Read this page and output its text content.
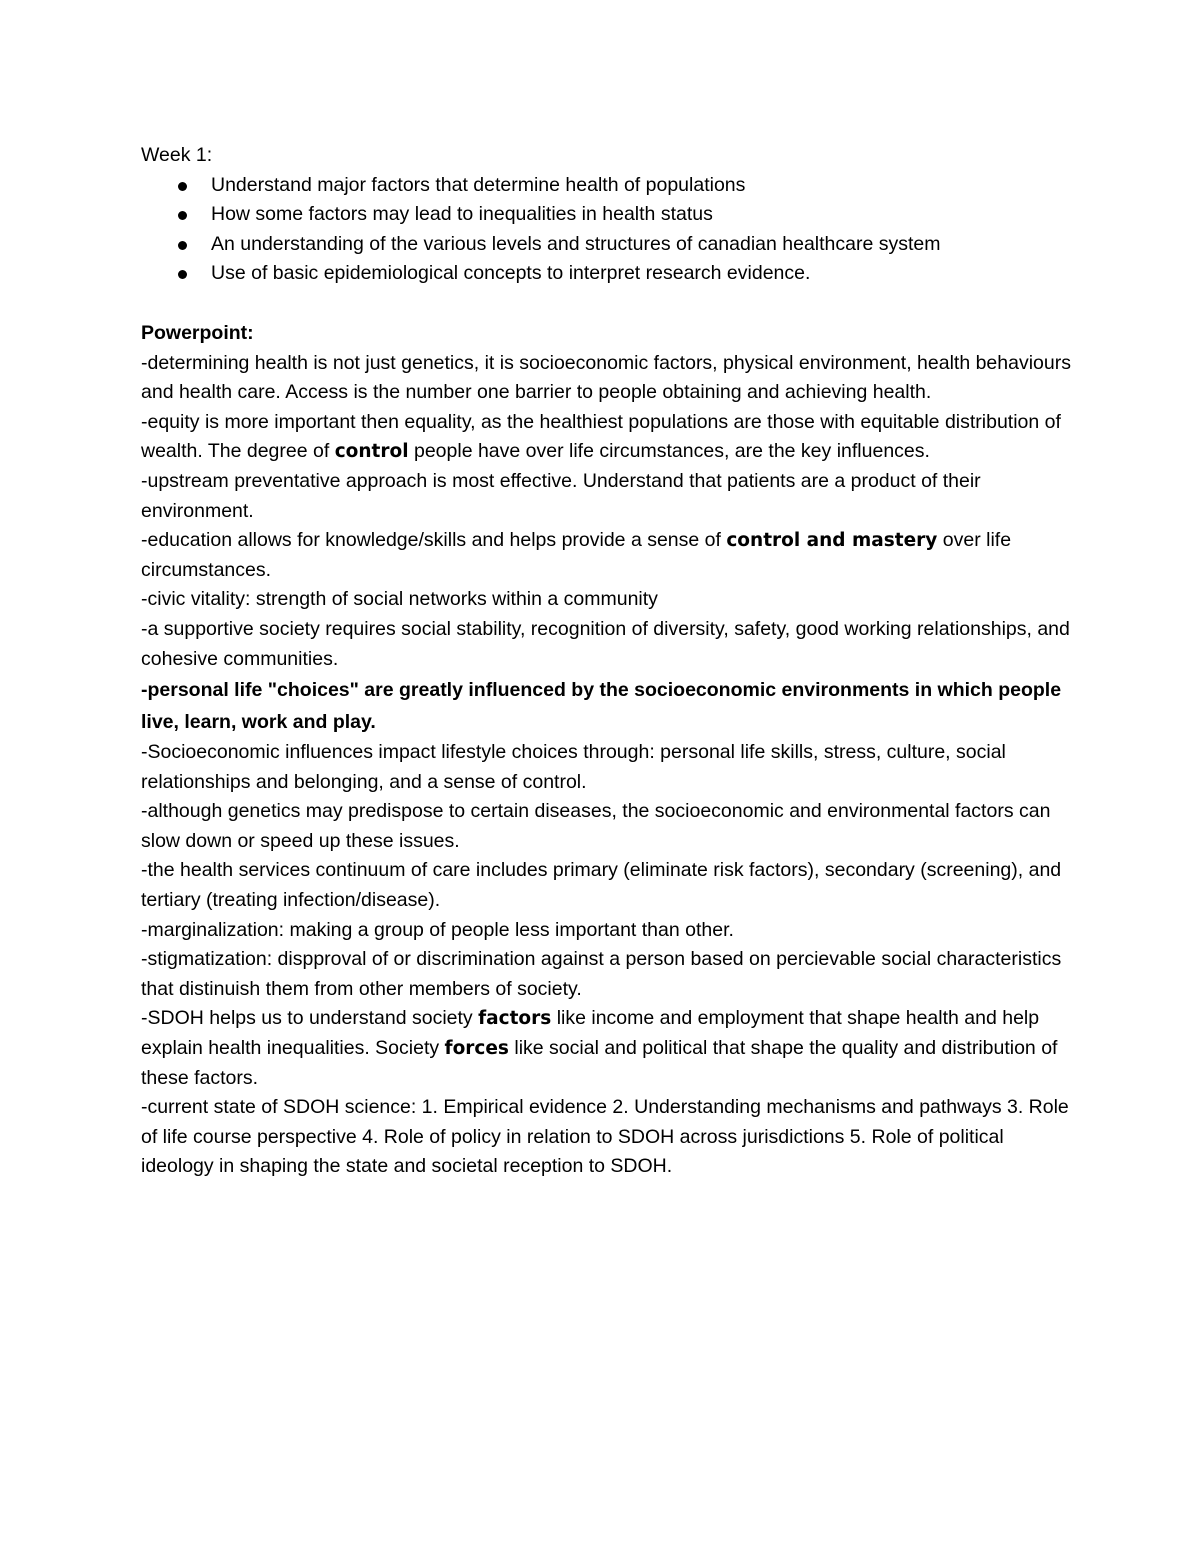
Week 1:

Understand major factors that determine health of populations
How some factors may lead to inequalities in health status
An understanding of the various levels and structures of canadian healthcare system
Use of basic epidemiological concepts to interpret research evidence.
Powerpoint:

-determining health is not just genetics, it is socioeconomic factors, physical environment, health behaviours and health care. Access is the number one barrier to people obtaining and achieving health.

-equity is more important then equality, as the healthiest populations are those with equitable distribution of wealth. The degree of control people have over life circumstances, are the key influences.

-upstream preventative approach is most effective. Understand that patients are a product of their environment.

-education allows for knowledge/skills and helps provide a sense of control and mastery over life circumstances.

-civic vitality: strength of social networks within a community

-a supportive society requires social stability, recognition of diversity, safety, good working relationships, and cohesive communities.

-personal life "choices" are greatly influenced by the socioeconomic environments in which people live, learn, work and play.

-Socioeconomic influences impact lifestyle choices through: personal life skills, stress, culture, social relationships and belonging, and a sense of control.

-although genetics may predispose to certain diseases, the socioeconomic and environmental factors can slow down or speed up these issues.

-the health services continuum of care includes primary (eliminate risk factors), secondary (screening), and tertiary (treating infection/disease).

-marginalization: making a group of people less important than other.

-stigmatization: dispproval of or discrimination against a person based on percievable social characteristics that distinuish them from other members of society.

-SDOH helps us to understand society factors like income and employment that shape health and help explain health inequalities. Society forces like social and political that shape the quality and distribution of these factors.

-current state of SDOH science: 1. Empirical evidence 2. Understanding mechanisms and pathways 3. Role of life course perspective 4. Role of policy in relation to SDOH across jurisdictions 5. Role of political ideology in shaping the state and societal reception to SDOH.
